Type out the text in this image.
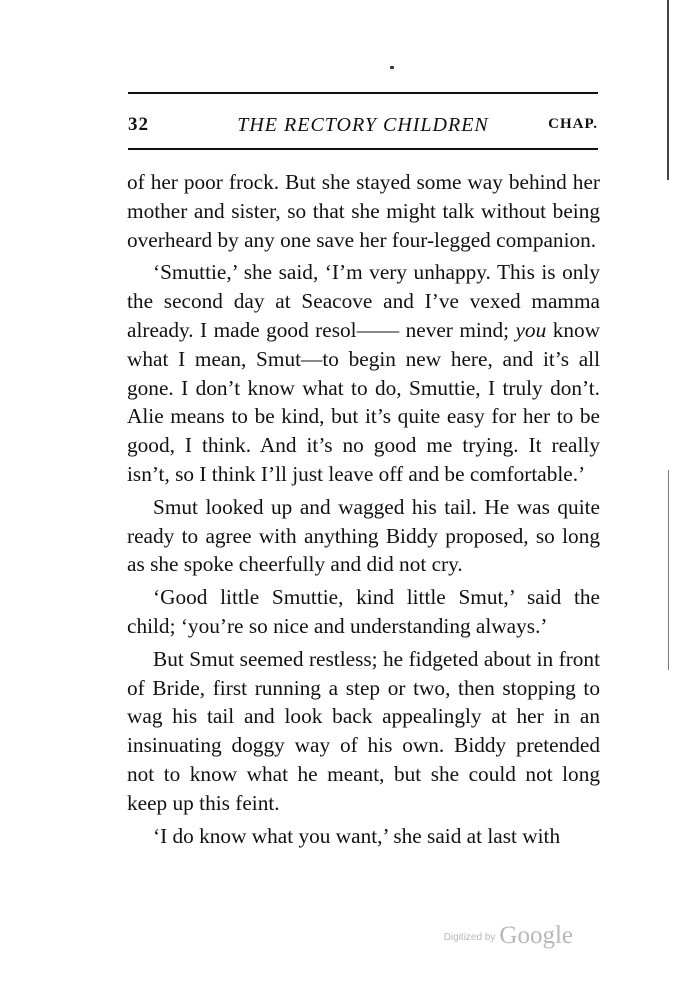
32	THE RECTORY CHILDREN	CHAP.

of her poor frock. But she stayed some way behind her mother and sister, so that she might talk without being overheard by any one save her four-legged companion.

‘Smuttie,’ she said, ‘I’m very unhappy. This is only the second day at Seacove and I’ve vexed mamma already. I made good resol—— never mind; you know what I mean, Smut—to begin new here, and it’s all gone. I don’t know what to do, Smuttie, I truly don’t. Alie means to be kind, but it’s quite easy for her to be good, I think. And it’s no good me trying. It really isn’t, so I think I’ll just leave off and be comfortable.’

Smut looked up and wagged his tail. He was quite ready to agree with anything Biddy proposed, so long as she spoke cheerfully and did not cry.

‘Good little Smuttie, kind little Smut,’ said the child; ‘you’re so nice and understanding always.’

But Smut seemed restless; he fidgeted about in front of Bride, first running a step or two, then stopping to wag his tail and look back appealingly at her in an insinuating doggy way of his own. Biddy pretended not to know what he meant, but she could not long keep up this feint.

‘I do know what you want,’ she said at last with

Digitized by Google
